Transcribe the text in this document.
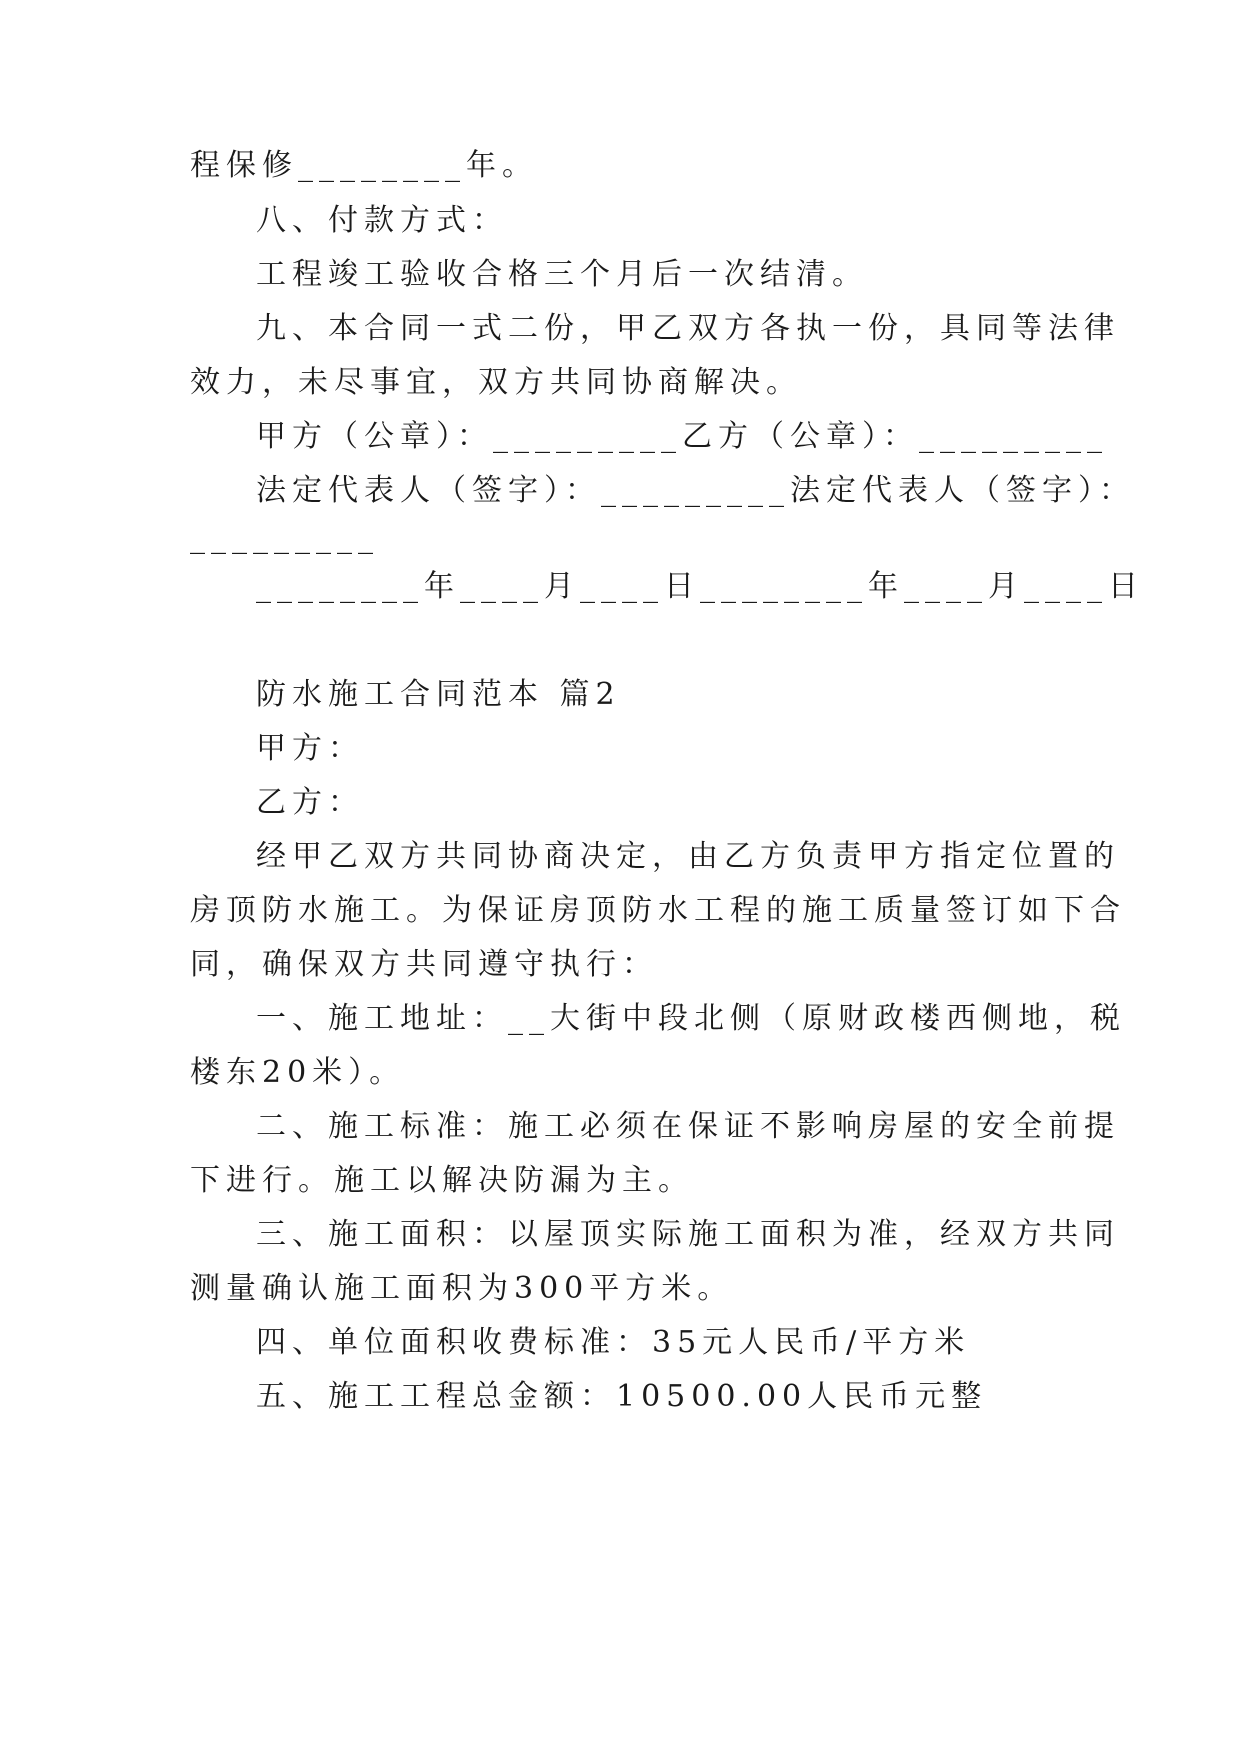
程保修________年。
八、付款方式：
工程竣工验收合格三个月后一次结清。
九、本合同一式二份，甲乙双方各执一份，具同等法律
效力，未尽事宜，双方共同协商解决。
甲方（公章）：_________乙方（公章）：_________
法定代表人（签字）：_________法定代表人（签字）：
_________
________年____月____日________年____月____日
防水施工合同范本 篇2
甲方：
乙方：
经甲乙双方共同协商决定，由乙方负责甲方指定位置的
房顶防水施工。为保证房顶防水工程的施工质量签订如下合
同，确保双方共同遵守执行：
一、施工地址：__大街中段北侧（原财政楼西侧地，税
楼东20米）。
二、施工标准：施工必须在保证不影响房屋的安全前提
下进行。施工以解决防漏为主。
三、施工面积：以屋顶实际施工面积为准，经双方共同
测量确认施工面积为300平方米。
四、单位面积收费标准：35元人民币/平方米
五、施工工程总金额：10500.00人民币元整
